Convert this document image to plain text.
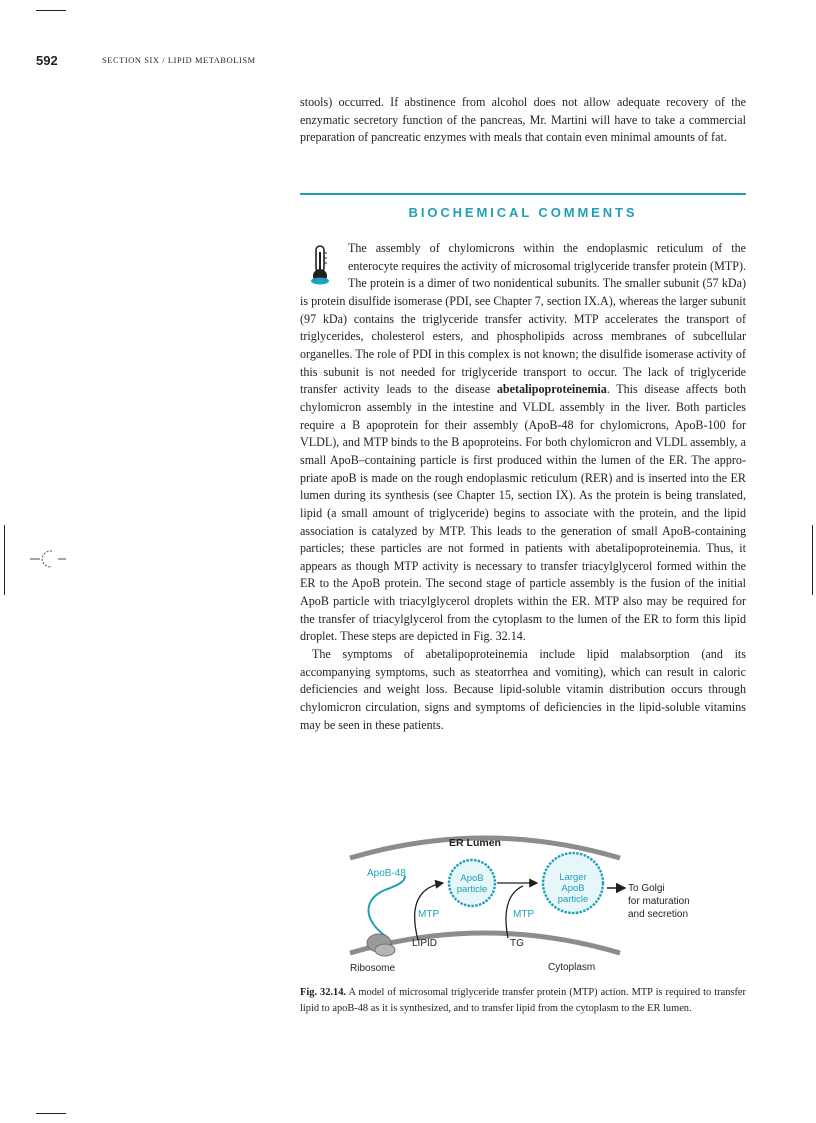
592	SECTION SIX / LIPID METABOLISM

stools) occurred. If abstinence from alcohol does not allow adequate recovery of the enzymatic secretory function of the pancreas, Mr. Martini will have to take a commercial preparation of pancreatic enzymes with meals that contain even minimal amounts of fat.

BIOCHEMICAL COMMENTS

The assembly of chylomicrons within the endoplasmic reticulum of the enterocyte requires the activity of microsomal triglyceride transfer protein (MTP). The protein is a dimer of two nonidentical subunits. The smaller subunit (57 kDa) is protein disulfide isomerase (PDI, see Chapter 7, section IX.A), whereas the larger subunit (97 kDa) contains the triglyceride transfer activity. MTP accelerates the transport of triglycerides, cholesterol esters, and phospholipids across membranes of subcellular organelles. The role of PDI in this complex is not known; the disulfide isomerase activity of this subunit is not needed for triglyceride transport to occur. The lack of triglyceride transfer activity leads to the disease abetalipoproteinemia. This disease affects both chylomicron assembly in the intestine and VLDL assembly in the liver. Both particles require a B apoprotein for their assembly (ApoB-48 for chylomicrons, ApoB-100 for VLDL), and MTP binds to the B apoproteins. For both chylomicron and VLDL assembly, a small ApoB–containing particle is first produced within the lumen of the ER. The appropriate apoB is made on the rough endoplasmic reticulum (RER) and is inserted into the ER lumen during its synthesis (see Chapter 15, section IX). As the protein is being translated, lipid (a small amount of triglyceride) begins to associate with the protein, and the lipid association is catalyzed by MTP. This leads to the generation of small ApoB-containing particles; these particles are not formed in patients with abetalipoproteinemia. Thus, it appears as though MTP activity is necessary to transfer triacylglycerol formed within the ER to the ApoB protein. The second stage of particle assembly is the fusion of the initial ApoB particle with triacylglycerol droplets within the ER. MTP also may be required for the transfer of triacylglycerol from the cytoplasm to the lumen of the ER to form this lipid droplet. These steps are depicted in Fig. 32.14.

The symptoms of abetalipoproteinemia include lipid malabsorption (and its accompanying symptoms, such as steatorrhea and vomiting), which can result in caloric deficiencies and weight loss. Because lipid-soluble vitamin distribution occurs through chylomicron circulation, signs and symptoms of deficiencies in the lipid-soluble vitamins may be seen in these patients.

ER Lumen
ApoB-48
Ribosome
MTP
LIPID
ApoB
particle
MTP
TG
Larger
ApoB
particle
To Golgi
for maturation
and secretion
Cytoplasm
Fig. 32.14. A model of microsomal triglyceride transfer protein (MTP) action. MTP is required to transfer lipid to apoB-48 as it is synthesized, and to transfer lipid from the cytoplasm to the ER lumen.
